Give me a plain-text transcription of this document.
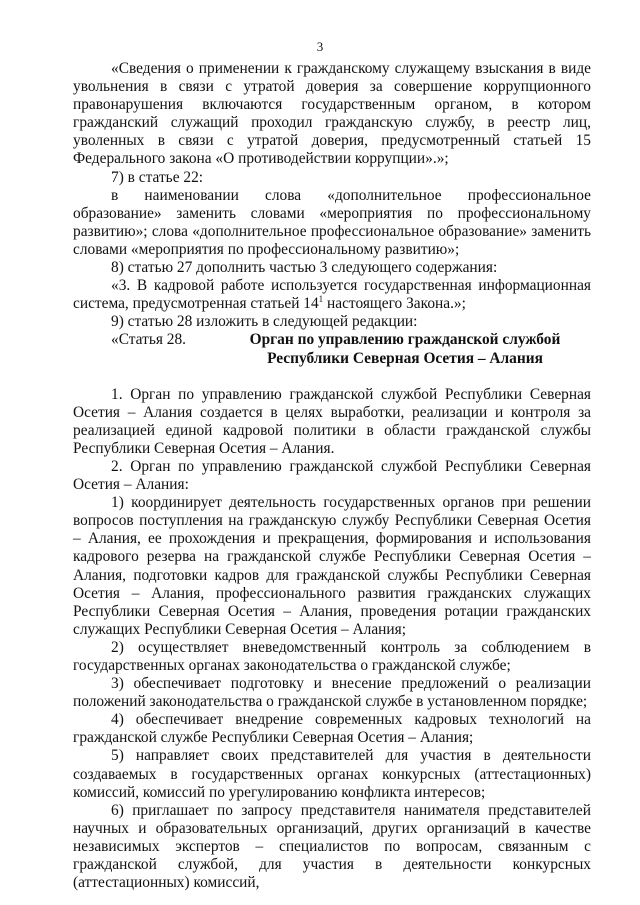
3

«Сведения о применении к гражданскому служащему взыскания в виде увольнения в связи с утратой доверия за совершение коррупционного правонарушения включаются государственным органом, в котором гражданский служащий проходил гражданскую службу, в реестр лиц, уволенных в связи с утратой доверия, предусмотренный статьей 15 Федерального закона «О противодействии коррупции».»;

7) в статье 22:

в наименовании слова «дополнительное профессиональное образование» заменить словами «мероприятия по профессиональному развитию»; слова «дополнительное профессиональное образование» заменить словами «мероприятия по профессиональному развитию»;

8) статью 27 дополнить частью 3 следующего содержания:

«3. В кадровой работе используется государственная информационная система, предусмотренная статьей $14^1$ настоящего Закона.»;

9) статью 28 изложить в следующей редакции:

«Статья 28.	Орган по управлению гражданской службой
Республики Северная Осетия – Алания

1. Орган по управлению гражданской службой Республики Северная Осетия – Алания создается в целях выработки, реализации и контроля за реализацией единой кадровой политики в области гражданской службы Республики Северная Осетия – Алания.

2. Орган по управлению гражданской службой Республики Северная Осетия – Алания:

1) координирует деятельность государственных органов при решении вопросов поступления на гражданскую службу Республики Северная Осетия – Алания, ее прохождения и прекращения, формирования и использования кадрового резерва на гражданской службе Республики Северная Осетия – Алания, подготовки кадров для гражданской службы Республики Северная Осетия – Алания, профессионального развития гражданских служащих Республики Северная Осетия – Алания, проведения ротации гражданских служащих Республики Северная Осетия – Алания;

2) осуществляет вневедомственный контроль за соблюдением в государственных органах законодательства о гражданской службе;

3) обеспечивает подготовку и внесение предложений о реализации положений законодательства о гражданской службе в установленном порядке;

4) обеспечивает внедрение современных кадровых технологий на гражданской службе Республики Северная Осетия – Алания;

5) направляет своих представителей для участия в деятельности создаваемых в государственных органах конкурсных (аттестационных) комиссий, комиссий по урегулированию конфликта интересов;

6) приглашает по запросу представителя нанимателя представителей научных и образовательных организаций, других организаций в качестве независимых экспертов – специалистов по вопросам, связанным с гражданской службой, для участия в деятельности конкурсных (аттестационных) комиссий,
